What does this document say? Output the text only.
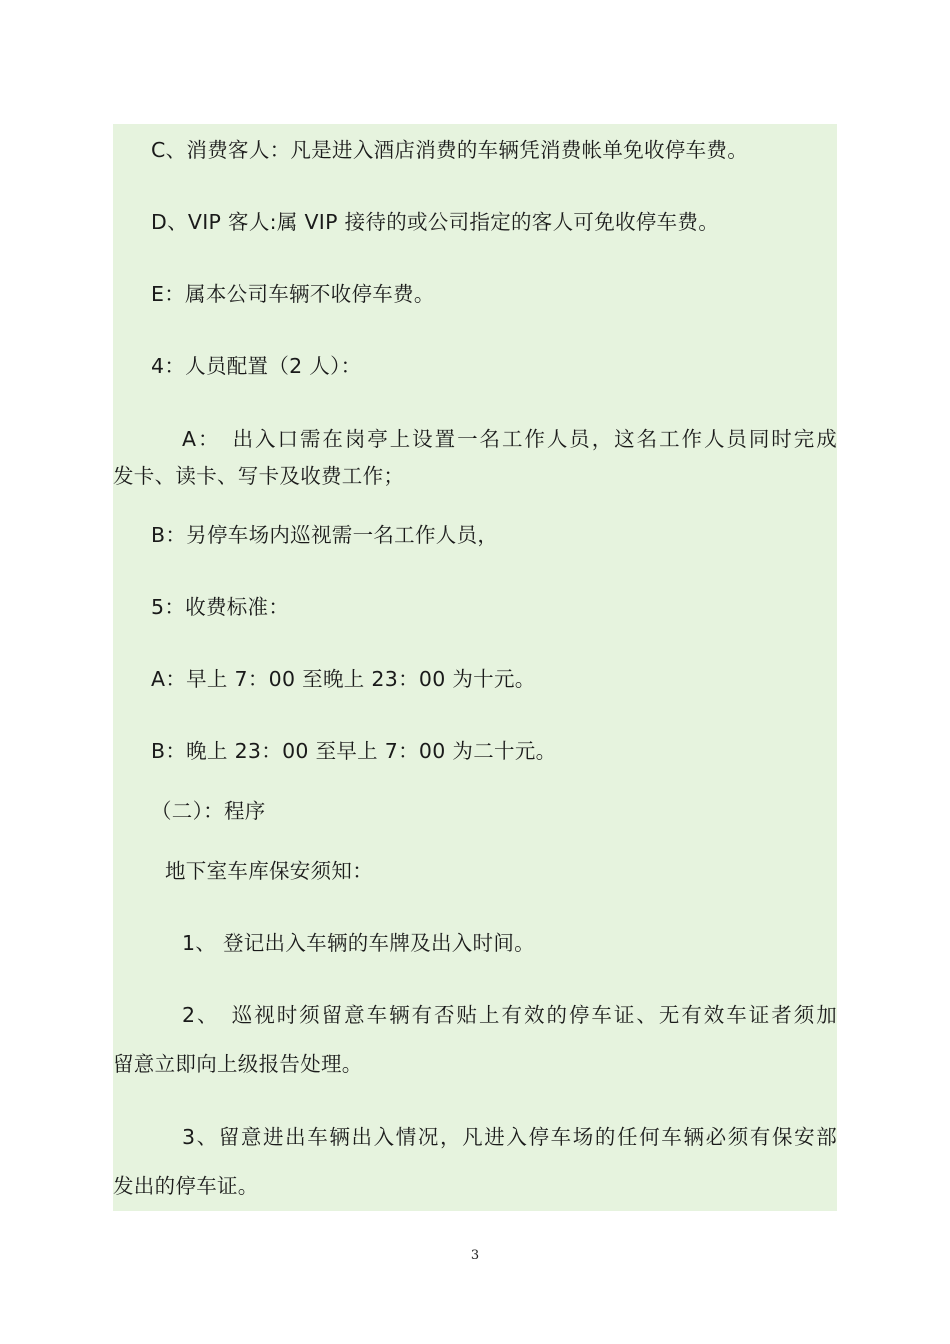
C、消费客人：凡是进入酒店消费的车辆凭消费帐单免收停车费。
D、VIP 客人:属 VIP 接待的或公司指定的客人可免收停车费。
E：属本公司车辆不收停车费。
4：人员配置（2 人）：
A：　出入口需在岗亭上设置一名工作人员，这名工作人员同时完成
发卡、读卡、写卡及收费工作；
B：另停车场内巡视需一名工作人员，
5：收费标准：
A：早上 7：00 至晚上 23：00 为十元。
B：晚上 23：00 至早上 7：00 为二十元。
（二）：程序
地下室车库保安须知：
1、 登记出入车辆的车牌及出入时间。
2、　巡视时须留意车辆有否贴上有效的停车证、无有效车证者须加
留意立即向上级报告处理。
3、留意进出车辆出入情况，凡进入停车场的任何车辆必须有保安部
发出的停车证。
3
